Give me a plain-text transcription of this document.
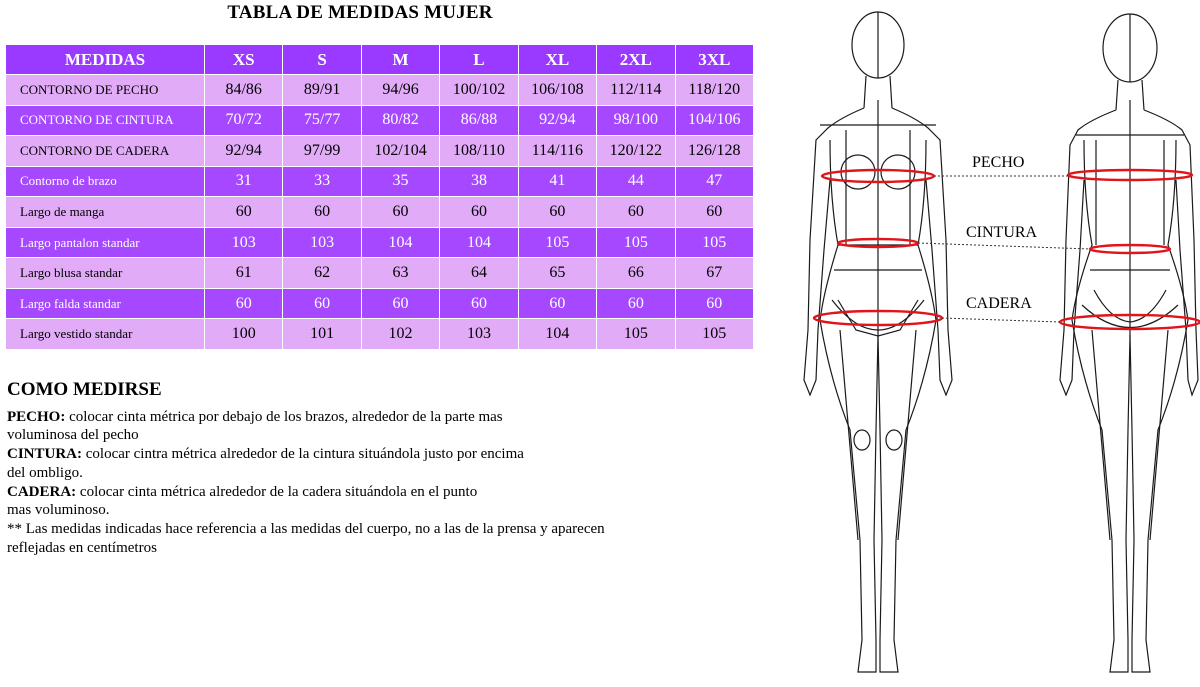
TABLA DE MEDIDAS MUJER
MEDIDAS	XS	S	M	L	XL	2XL	3XL
CONTORNO DE PECHO	84/86	89/91	94/96	100/102	106/108	112/114	118/120
CONTORNO DE CINTURA	70/72	75/77	80/82	86/88	92/94	98/100	104/106
CONTORNO DE CADERA	92/94	97/99	102/104	108/110	114/116	120/122	126/128
Contorno de brazo	31	33	35	38	41	44	47
Largo de manga	60	60	60	60	60	60	60
Largo pantalon standar	103	103	104	104	105	105	105
Largo blusa standar	61	62	63	64	65	66	67
Largo falda standar	60	60	60	60	60	60	60
Largo vestido standar	100	101	102	103	104	105	105
COMO MEDIRSE

PECHO: colocar cinta métrica por debajo de los brazos, alrededor de la parte mas

voluminosa del pecho

CINTURA: colocar cintra métrica alrededor de la cintura situándola justo por encima

del ombligo.

CADERA: colocar cinta métrica alrededor de la cadera situándola en el punto

mas voluminoso.

** Las medidas indicadas hace referencia a las medidas del cuerpo, no a las de la prensa y aparecen

reflejadas en centímetros

PECHO
CINTURA
CADERA
